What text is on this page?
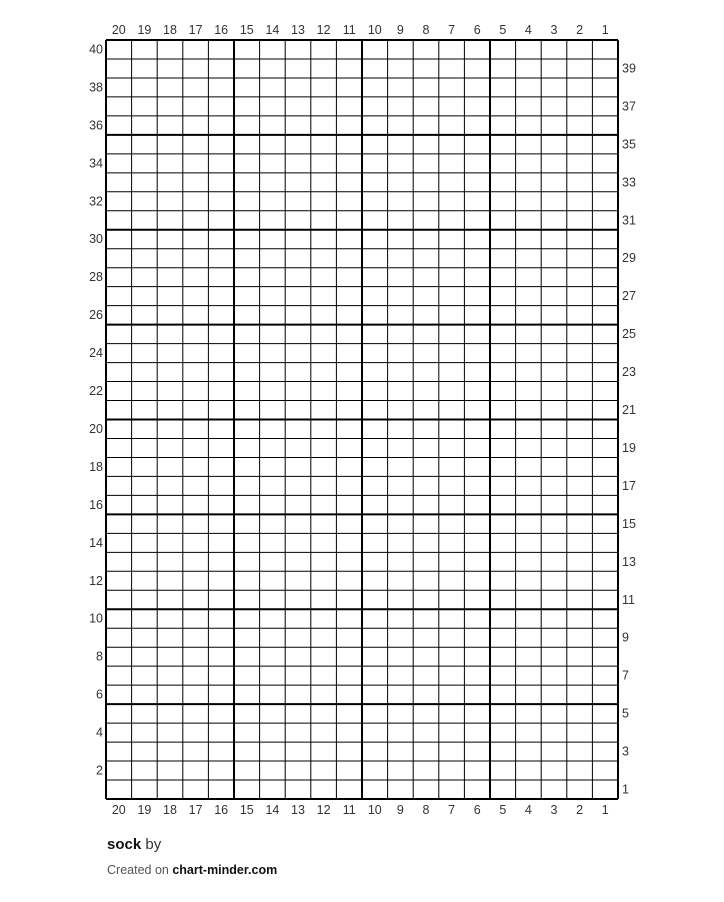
20 19 18 17 16 15 14 13 12 11 10 9 8 7 6 5 4 3 2 1
20 19 18 17 16 15 14 13 12 11 10 9 8 7 6 5 4 3 2 1
40
38
36
34
32
30
28
26
24
22
20
18
16
14
12
10
8
6
4
2
39
37
35
33
31
29
27
25
23
21
19
17
15
13
11
9
7
5
3
1
sock by
Created on chart-minder.com
